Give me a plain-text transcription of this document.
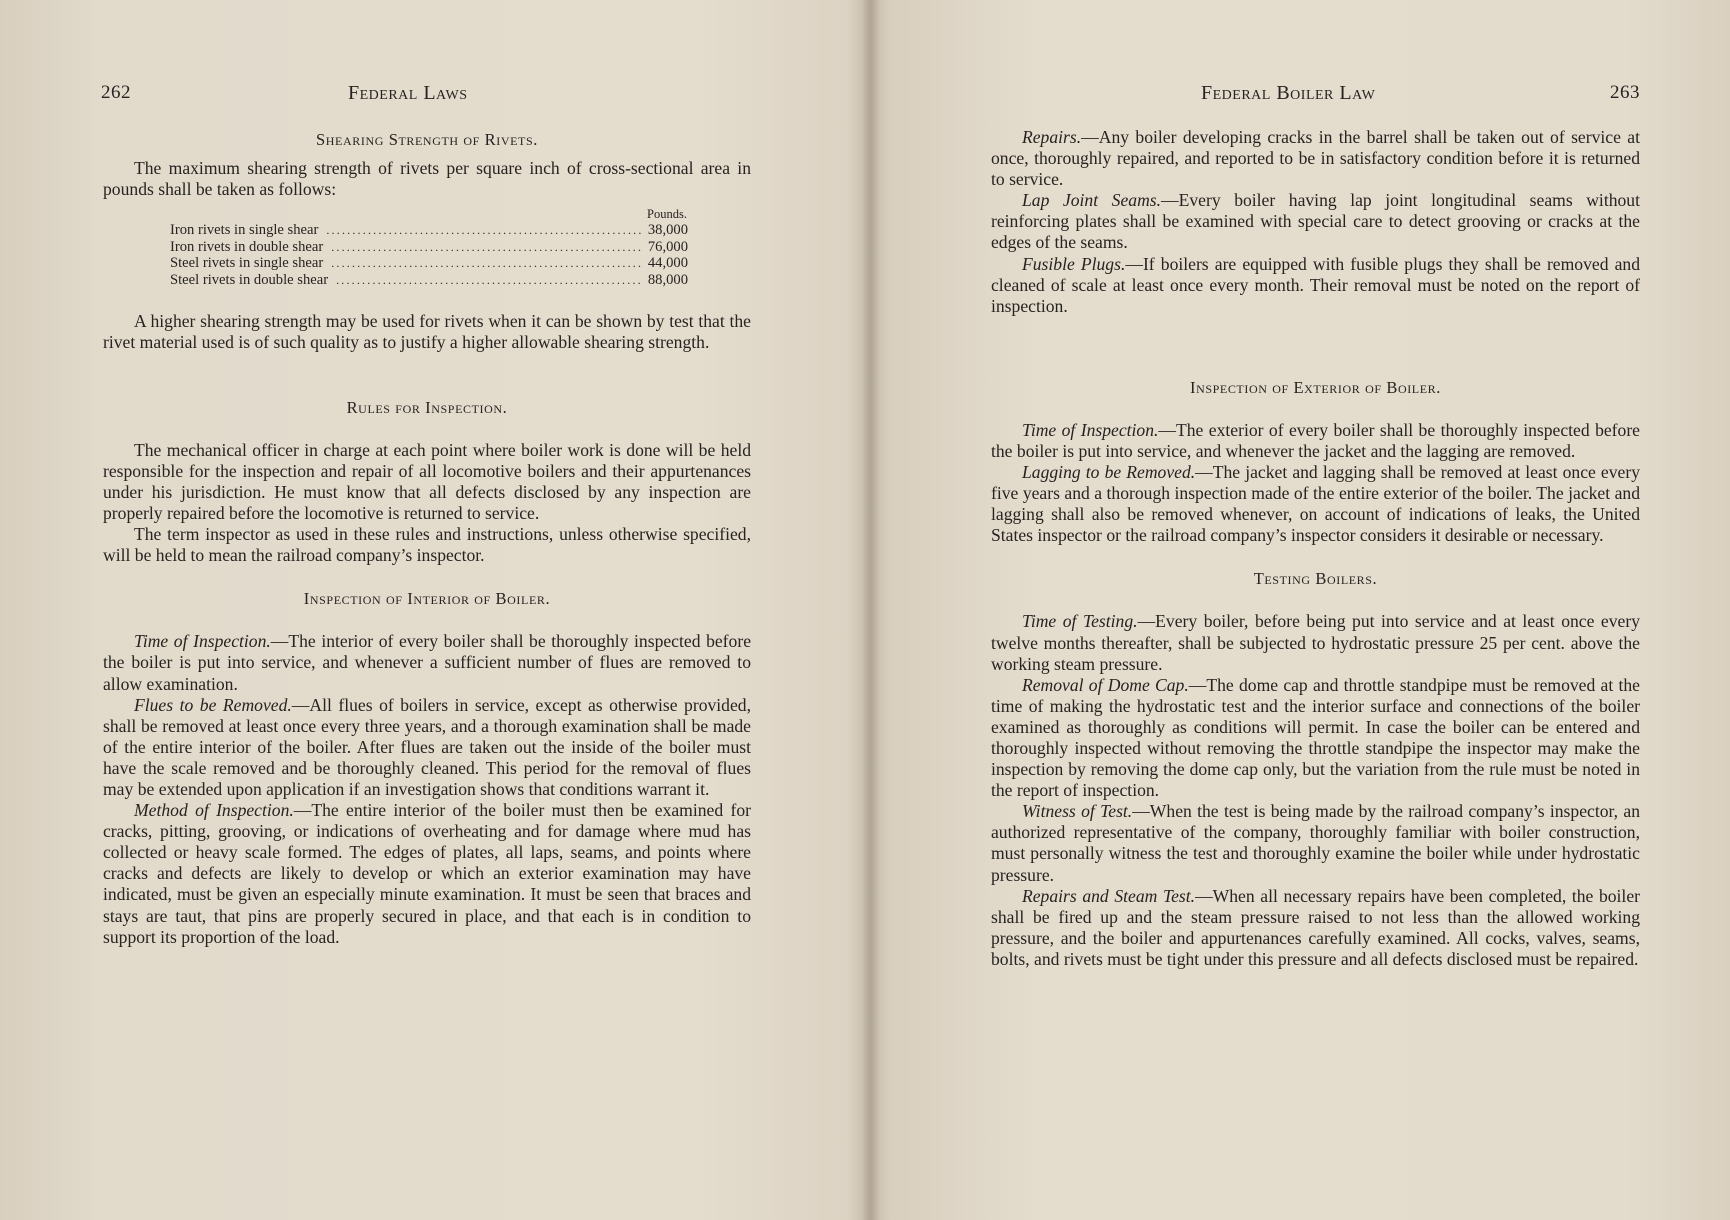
262	Federal Laws
Shearing Strength of Rivets.

The maximum shearing strength of rivets per square inch of cross-sectional area in pounds shall be taken as follows:

Pounds.
Iron rivets in single shear .....	38,000
Iron rivets in double shear .....	76,000
Steel rivets in single shear .....	44,000
Steel rivets in double shear .....	88,000

A higher shearing strength may be used for rivets when it can be shown by test that the rivet material used is of such quality as to justify a higher allowable shearing strength.

Rules for Inspection.

The mechanical officer in charge at each point where boiler work is done will be held responsible for the inspection and repair of all locomotive boilers and their appurtenances under his jurisdiction. He must know that all defects disclosed by any inspection are properly repaired before the locomotive is returned to service.

The term inspector as used in these rules and instructions, unless otherwise specified, will be held to mean the railroad company’s inspector.

Inspection of Interior of Boiler.

Time of Inspection.—The interior of every boiler shall be thoroughly inspected before the boiler is put into service, and whenever a sufficient number of flues are removed to allow examination.

Flues to be Removed.—All flues of boilers in service, except as otherwise provided, shall be removed at least once every three years, and a thorough examination shall be made of the entire interior of the boiler. After flues are taken out the inside of the boiler must have the scale removed and be thoroughly cleaned. This period for the removal of flues may be extended upon application if an investigation shows that conditions warrant it.

Method of Inspection.—The entire interior of the boiler must then be examined for cracks, pitting, grooving, or indications of overheating and for damage where mud has collected or heavy scale formed. The edges of plates, all laps, seams, and points where cracks and defects are likely to develop or which an exterior examination may have indicated, must be given an especially minute examination. It must be seen that braces and stays are taut, that pins are properly secured in place, and that each is in condition to support its proportion of the load.

Federal Boiler Law	263

Repairs.—Any boiler developing cracks in the barrel shall be taken out of service at once, thoroughly repaired, and reported to be in satisfactory condition before it is returned to service.

Lap Joint Seams.—Every boiler having lap joint longitudinal seams without reinforcing plates shall be examined with special care to detect grooving or cracks at the edges of the seams.

Fusible Plugs.—If boilers are equipped with fusible plugs they shall be removed and cleaned of scale at least once every month. Their removal must be noted on the report of inspection.

Inspection of Exterior of Boiler.

Time of Inspection.—The exterior of every boiler shall be thoroughly inspected before the boiler is put into service, and whenever the jacket and the lagging are removed.

Lagging to be Removed.—The jacket and lagging shall be removed at least once every five years and a thorough inspection made of the entire exterior of the boiler. The jacket and lagging shall also be removed whenever, on account of indications of leaks, the United States inspector or the railroad company’s inspector considers it desirable or necessary.

Testing Boilers.

Time of Testing.—Every boiler, before being put into service and at least once every twelve months thereafter, shall be subjected to hydrostatic pressure 25 per cent. above the working steam pressure.

Removal of Dome Cap.—The dome cap and throttle standpipe must be removed at the time of making the hydrostatic test and the interior surface and connections of the boiler examined as thoroughly as conditions will permit. In case the boiler can be entered and thoroughly inspected without removing the throttle standpipe the inspector may make the inspection by removing the dome cap only, but the variation from the rule must be noted in the report of inspection.

Witness of Test.—When the test is being made by the railroad company’s inspector, an authorized representative of the company, thoroughly familiar with boiler construction, must personally witness the test and thoroughly examine the boiler while under hydrostatic pressure.

Repairs and Steam Test.—When all necessary repairs have been completed, the boiler shall be fired up and the steam pressure raised to not less than the allowed working pressure, and the boiler and appurtenances carefully examined. All cocks, valves, seams, bolts, and rivets must be tight under this pressure and all defects disclosed must be repaired.
